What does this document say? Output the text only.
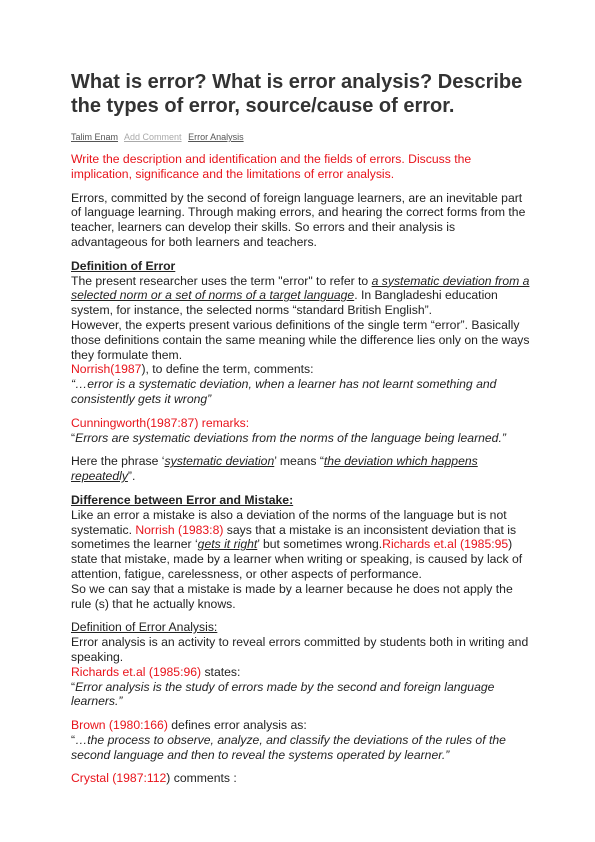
What is error? What is error analysis? Describe the types of error, source/cause of error.
Talim Enam Add Comment Error Analysis

Write the description and identification and the fields of errors. Discuss the implication, significance and the limitations of error analysis.

Errors, committed by the second of foreign language learners, are an inevitable part of language learning. Through making errors, and hearing the correct forms from the teacher, learners can develop their skills. So errors and their analysis is advantageous for both learners and teachers.

Definition of Error

The present researcher uses the term "error" to refer to a systematic deviation from a selected norm or a set of norms of a target language. In Bangladeshi education system, for instance, the selected norms “standard British English”.

However, the experts present various definitions of the single term “error”. Basically those definitions contain the same meaning while the difference lies only on the ways they formulate them.

Norrish(1987), to define the term, comments:

“…error is a systematic deviation, when a learner has not learnt something and consistently gets it wrong”

Cunningworth(1987:87) remarks:

“Errors are systematic deviations from the norms of the language being learned.”

Here the phrase ‘systematic deviation’ means “the deviation which happens repeatedly”.

Difference between Error and Mistake:

Like an error a mistake is also a deviation of the norms of the language but is not systematic. Norrish (1983:8) says that a mistake is an inconsistent deviation that is sometimes the learner ‘gets it right’ but sometimes wrong.Richards et.al (1985:95) state that mistake, made by a learner when writing or speaking, is caused by lack of attention, fatigue, carelessness, or other aspects of performance.

So we can say that a mistake is made by a learner because he does not apply the rule (s) that he actually knows.

Definition of Error Analysis:

Error analysis is an activity to reveal errors committed by students both in writing and speaking.

Richards et.al (1985:96) states:

“Error analysis is the study of errors made by the second and foreign language learners.”

Brown (1980:166) defines error analysis as:

“…the process to observe, analyze, and classify the deviations of the rules of the second language and then to reveal the systems operated by learner.”

Crystal (1987:112) comments :
